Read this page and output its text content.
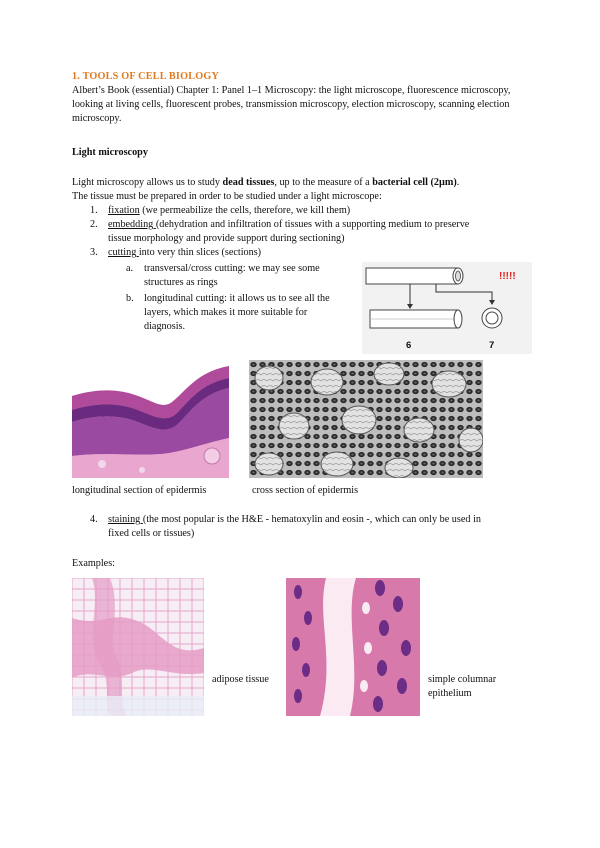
1. TOOLS OF CELL BIOLOGY
Albert’s Book (essential) Chapter 1: Panel 1–1 Microscopy: the light microscope, fluorescence microscopy, looking at living cells, fluorescent probes, transmission microscopy, election microscopy, scanning election microscopy.
Light microscopy
Light microscopy allows us to study dead tissues, up to the measure of a bacterial cell (2µm).
The tissue must be prepared in order to be studied under a light microscope:
1. fixation (we permeabilize the cells, therefore, we kill them)
2. embedding (dehydration and infiltration of tissues with a supporting medium to preserve
tissue morphology and provide support during sectioning)
3. cutting into very thin slices (sections)
a. transversal/cross cutting: we may see some
structures as rings
b. longitudinal cutting: it allows us to see all the
layers, which makes it more suitable for
diagnosis.
6	7
!!!!!
longitudinal section of epidermis	cross section of epidermis
4. staining (the most popular is the H&E - hematoxylin and eosin -, which can only be used in
fixed cells or tissues)
Examples:
adipose tissue	simple columnar
epithelium
